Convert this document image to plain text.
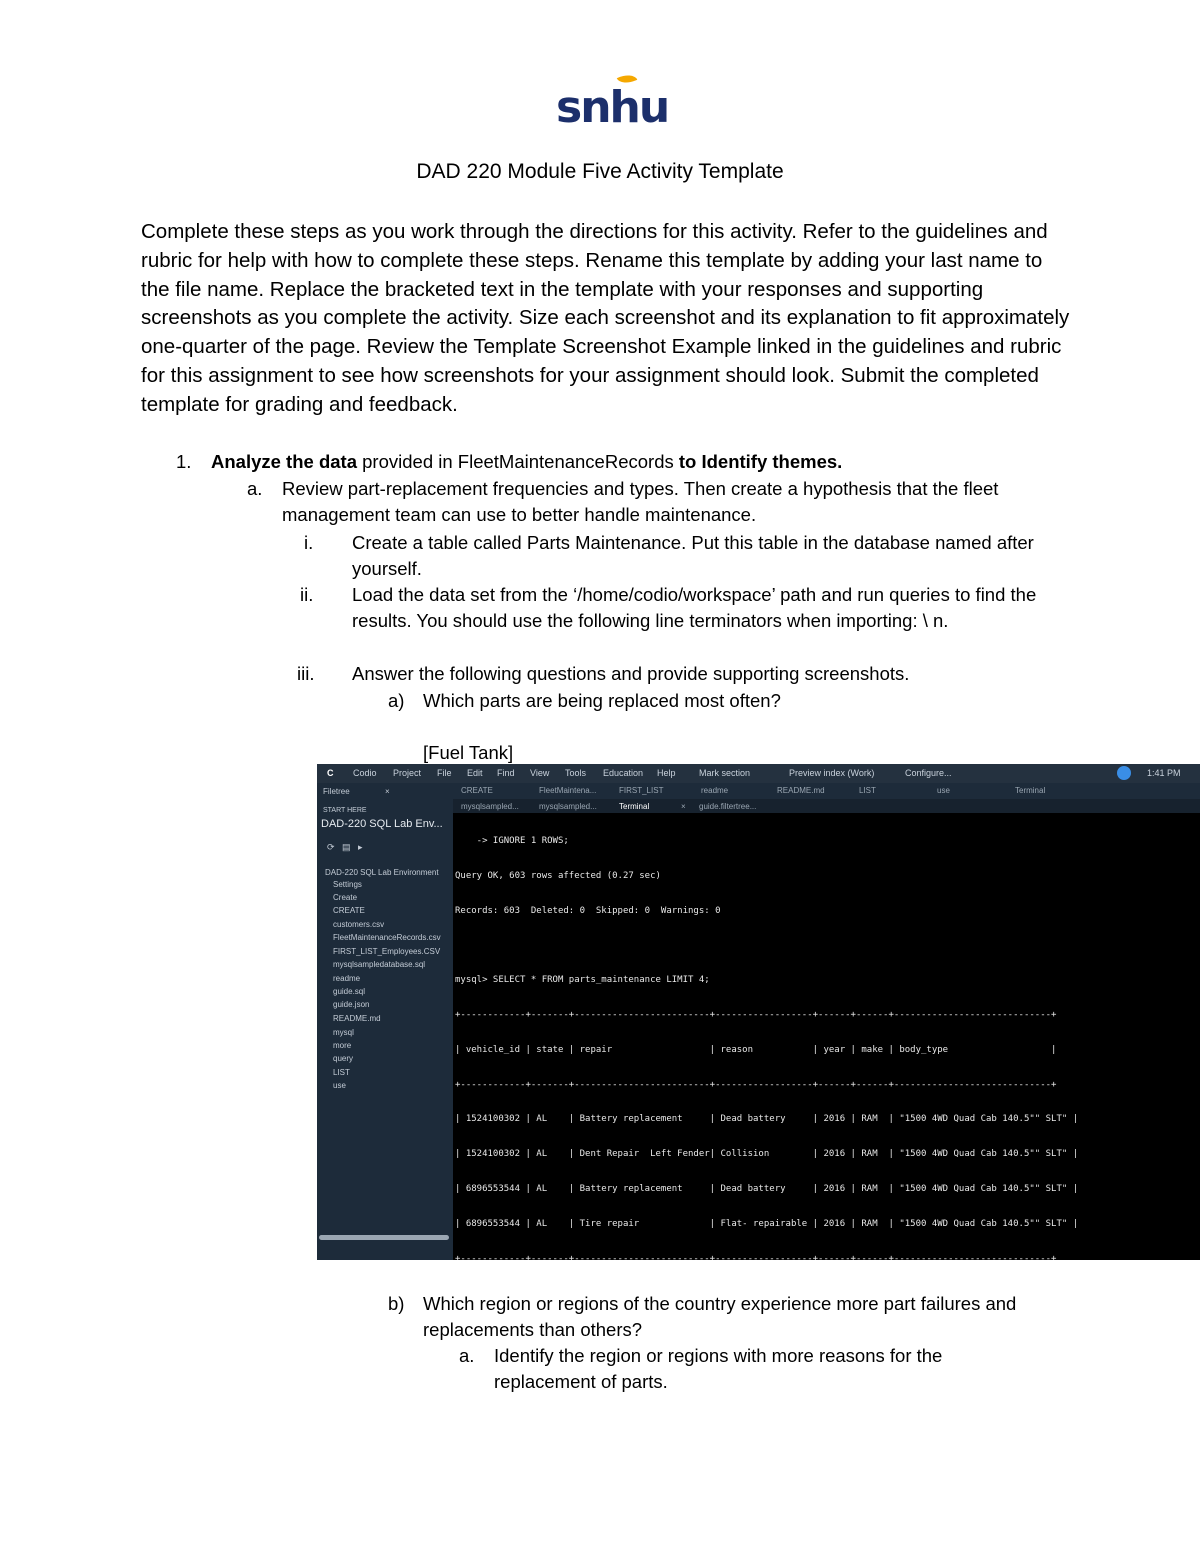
snhu
DAD 220 Module Five Activity Template
Complete these steps as you work through the directions for this activity. Refer to the guidelines and rubric for help with how to complete these steps. Rename this template by adding your last name to the file name. Replace the bracketed text in the template with your responses and supporting screenshots as you complete the activity. Size each screenshot and its explanation to fit approximately one-quarter of the page. Review the Template Screenshot Example linked in the guidelines and rubric for this assignment to see how screenshots for your assignment should look. Submit the completed template for grading and feedback.
1. Analyze the data provided in FleetMaintenanceRecords to Identify themes.
a. Review part-replacement frequencies and types. Then create a hypothesis that the fleet management team can use to better handle maintenance.
i. Create a table called Parts Maintenance. Put this table in the database named after yourself.
ii. Load the data set from the ‘/home/codio/workspace’ path and run queries to find the results. You should use the following line terminators when importing: \ n.
iii. Answer the following questions and provide supporting screenshots.
a) Which parts are being replaced most often?
[Fuel Tank]
C Codio Project File Edit Find View Tools Education Help	Mark section	Preview index (Work)	Configure...	1:41 PM
Filetree	×
START HERE
DAD-220 SQL Lab Env...
⟳   ▤   ▸
DAD-220 SQL Lab Environment
Settings
Create
CREATE
customers.csv
FleetMaintenanceRecords.csv
FIRST_LIST_Employees.CSV
mysqlsampledatabase.sql
readme
guide.sql
guide.json
README.md
mysql
more
query
LIST
use
CREATE	FleetMaintena...	FIRST_LIST	readme	README.md	LIST	use	Terminal
mysqlsampled...	mysqlsampled...	Terminal	× guide.filtertree...

-> IGNORE 1 ROWS;

Query OK, 603 rows affected (0.27 sec)

Records: 603  Deleted: 0  Skipped: 0  Warnings: 0

mysql> SELECT * FROM parts_maintenance LIMIT 4;

+------------+-------+-------------------------+------------------+------+------+-----------------------------+

| vehicle_id | state | repair                  | reason           | year | make | body_type                   |

+------------+-------+-------------------------+------------------+------+------+-----------------------------+

| 1524100302 | AL    | Battery replacement     | Dead battery     | 2016 | RAM  | "1500 4WD Quad Cab 140.5"" SLT" |

| 1524100302 | AL    | Dent Repair  Left Fender| Collision        | 2016 | RAM  | "1500 4WD Quad Cab 140.5"" SLT" |

| 6896553544 | AL    | Battery replacement     | Dead battery     | 2016 | RAM  | "1500 4WD Quad Cab 140.5"" SLT" |

| 6896553544 | AL    | Tire repair             | Flat- repairable | 2016 | RAM  | "1500 4WD Quad Cab 140.5"" SLT" |

+------------+-------+-------------------------+------------------+------+------+-----------------------------+

b) Which region or regions of the country experience more part failures and replacements than others?
a. Identify the region or regions with more reasons for the replacement of parts.
